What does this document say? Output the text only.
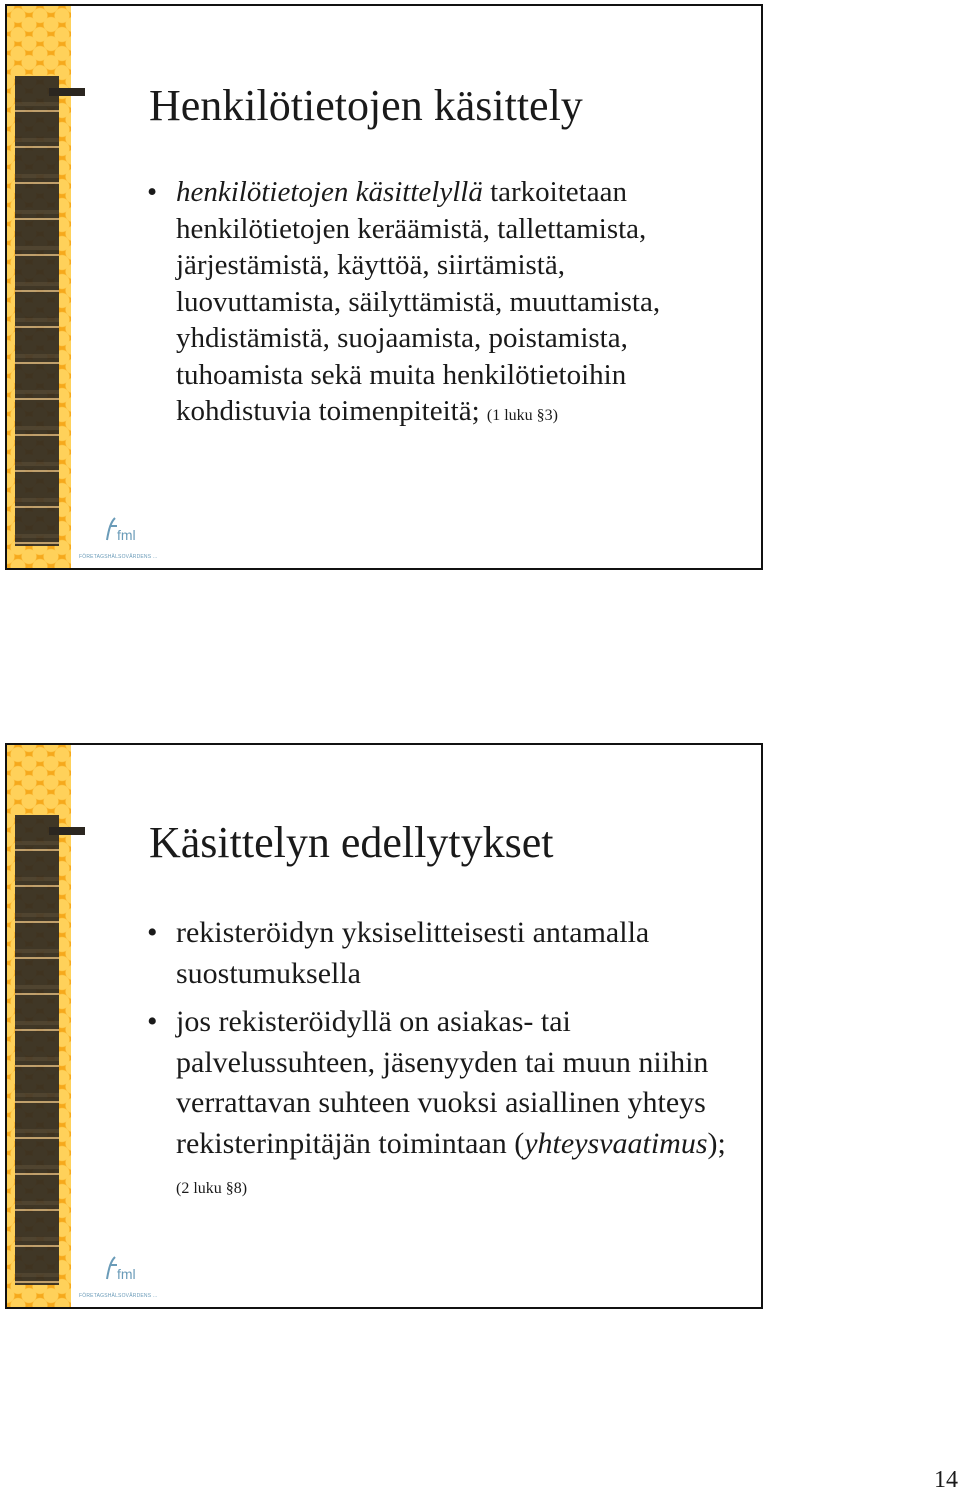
fml
FÖRETAGSHÄLSOVÅRDENS ...
Henkilötietojen käsittely
• henkilötietojen käsittelyllä tarkoitetaan henkilötietojen keräämistä, tallettamista, järjestämistä, käyttöä, siirtämistä, luovuttamista, säilyttämistä, muuttamista, yhdistämistä, suojaamista, poistamista, tuhoamista sekä muita henkilötietoihin kohdistuvia toimenpiteitä; (1 luku §3)
fml
FÖRETAGSHÄLSOVÅRDENS ...
Käsittelyn edellytykset
• rekisteröidyn yksiselitteisesti antamalla suostumuksella
• jos rekisteröidyllä on asiakas- tai palvelussuhteen, jäsenyyden tai muun niihin verrattavan suhteen vuoksi asiallinen yhteys rekisterinpitäjän toimintaan (yhteysvaatimus); (2 luku §8)
14
